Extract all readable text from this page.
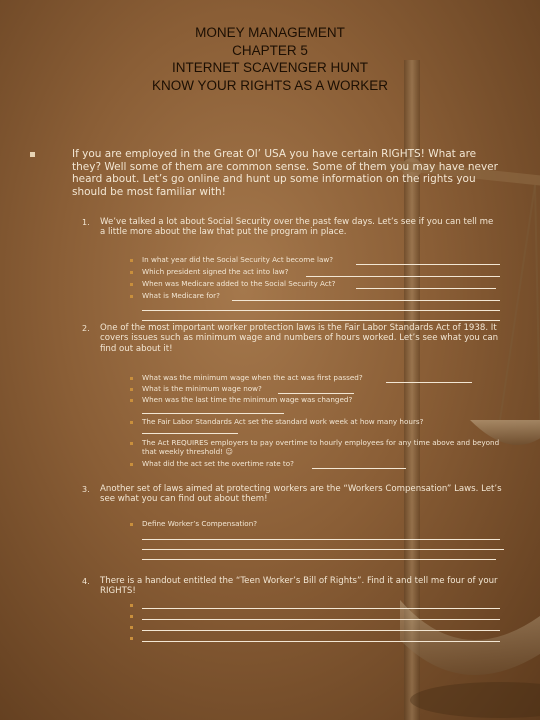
MONEY MANAGEMENT
CHAPTER 5
INTERNET SCAVENGER HUNT
KNOW YOUR RIGHTS AS A WORKER
If you are employed in the Great Ol’ USA you have certain RIGHTS! What are they? Well some of them are common sense. Some of them you may have never heard about. Let’s go online and hunt up some information on the rights you should be most familiar with!
1. We’ve talked a lot about Social Security over the past few days. Let’s see if you can tell me a little more about the law that put the program in place.
In what year did the Social Security Act become law?
Which president signed the act into law?
When was Medicare added to the Social Security Act?
What is Medicare for?
2. One of the most important worker protection laws is the Fair Labor Standards Act of 1938. It covers issues such as minimum wage and numbers of hours worked. Let’s see what you can find out about it!
What was the minimum wage when the act was first passed?
What is the minimum wage now?
When was the last time the minimum wage was changed?
The Fair Labor Standards Act set the standard work week at how many hours?
The Act REQUIRES employers to pay overtime to hourly employees for any time above and beyond that weekly threshold! ☺
What did the act set the overtime rate to?
3. Another set of laws aimed at protecting workers are the “Workers Compensation” Laws. Let’s see what you can find out about them!
Define Worker’s Compensation?
4. There is a handout entitled the “Teen Worker’s Bill of Rights”. Find it and tell me four of your RIGHTS!
